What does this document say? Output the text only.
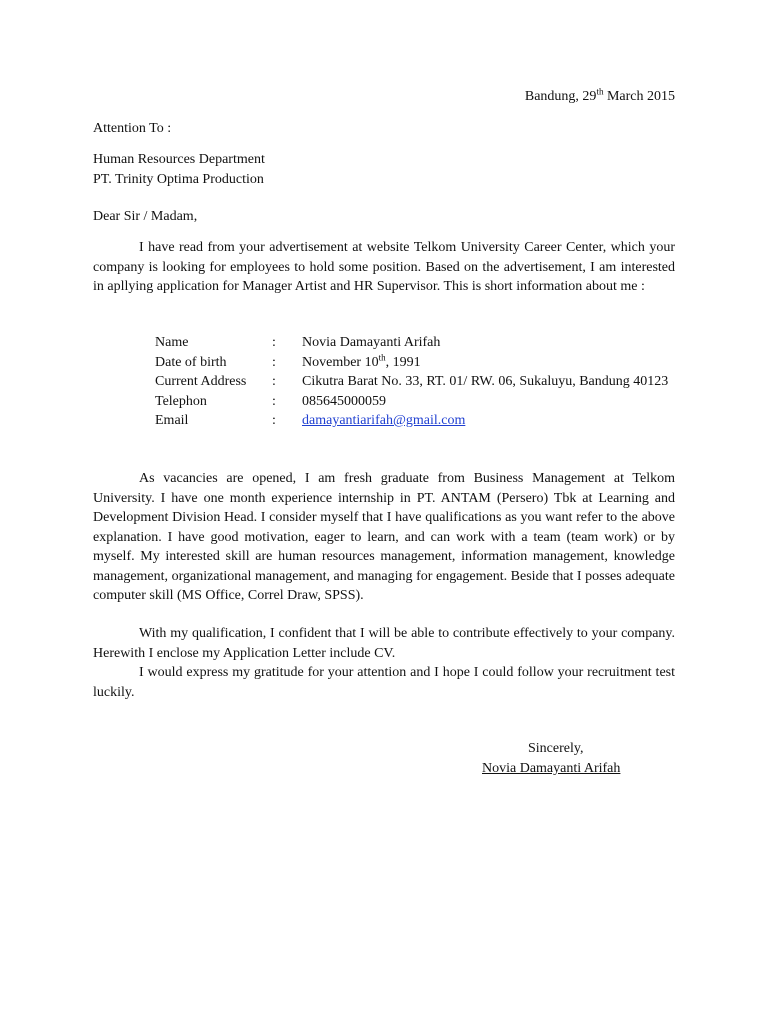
Bandung, 29th March 2015
Attention To :
Human Resources Department
PT. Trinity Optima Production
Dear Sir / Madam,

I have read from your advertisement at website Telkom University Career Center, which your company is looking for employees to hold some position. Based on the advertisement, I am interested in apllying application for Manager Artist and HR Supervisor. This is short information about me :

Name	:	Novia Damayanti Arifah
Date of birth	:	November 10th, 1991
Current Address	:	Cikutra Barat No. 33, RT. 01/ RW. 06, Sukaluyu, Bandung 40123
Telephon	:	085645000059
Email	:	damayantiarifah@gmail.com

As vacancies are opened, I am fresh graduate from Business Management at Telkom University. I have one month experience internship in PT. ANTAM (Persero) Tbk at Learning and Development Division Head. I consider myself that I have qualifications as you want refer to the above explanation. I have good motivation, eager to learn, and can work with a team (team work) or by myself. My interested skill are human resources management, information management, knowledge management, organizational management, and managing for engagement. Beside that I posses adequate computer skill (MS Office, Correl Draw, SPSS).

With my qualification, I confident that I will be able to contribute effectively to your company. Herewith I enclose my Application Letter include CV.

I would express my gratitude for your attention and I hope I could follow your recruitment test luckily.

Sincerely,
Novia Damayanti Arifah
